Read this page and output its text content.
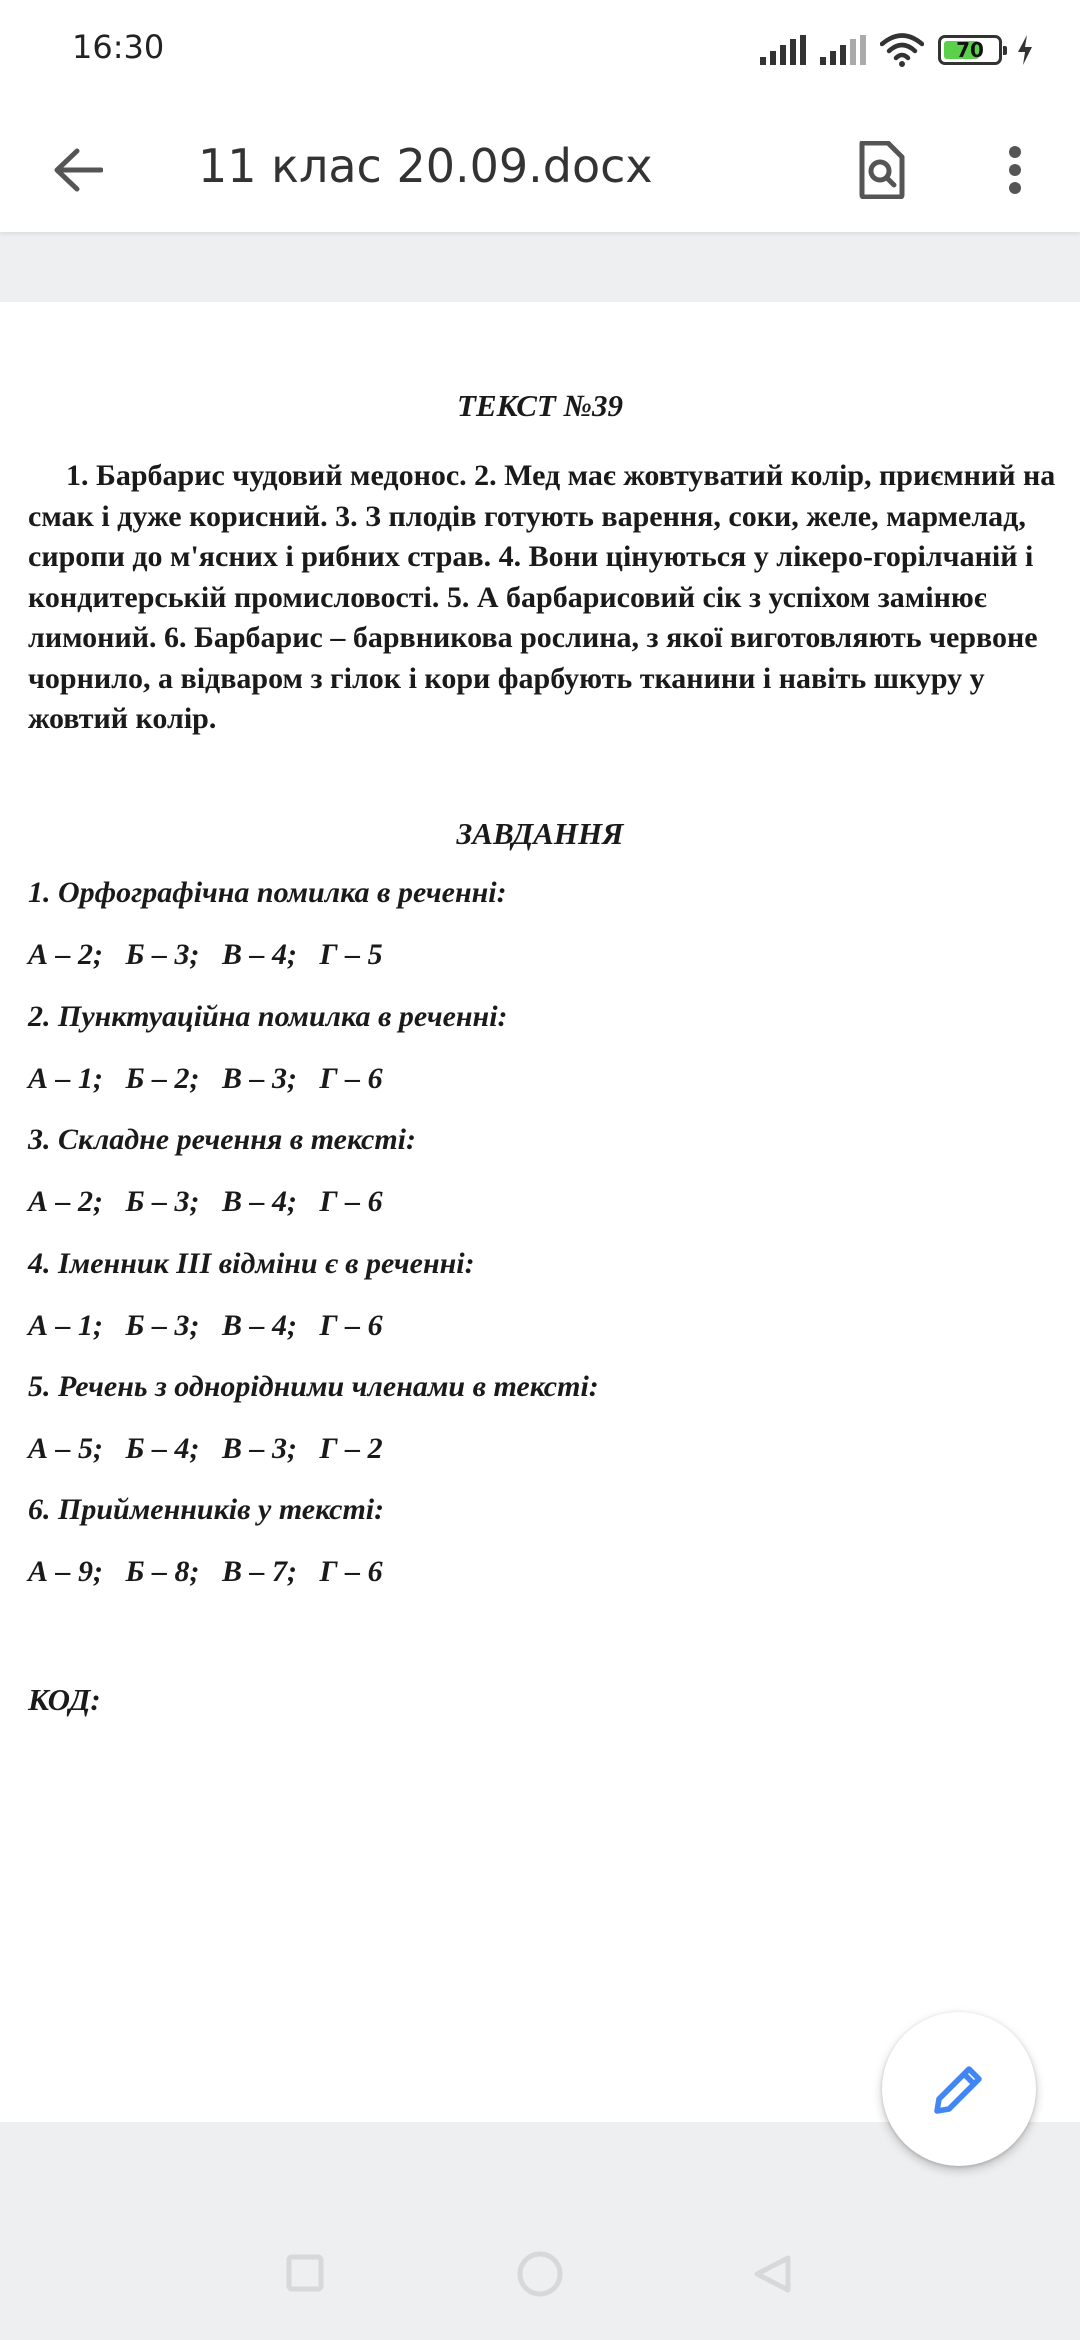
16:30	70
11 клас 20.09.docx
ТЕКСТ №39
1. Барбарис чудовий медонос. 2. Мед має жовтуватий колір, приємний на смак і дуже корисний. 3. З плодів готують варення, соки, желе, мармелад, сиропи до м'ясних і рибних страв. 4. Вони цінуються у лікеро-горілчаній і кондитерській промисловості. 5. А барбарисовий сік з успіхом замінює лимоний. 6. Барбарис – барвникова рослина, з якої виготовляють червоне чорнило, а відваром з гілок і кори фарбують тканини і навіть шкуру у жовтий колір.
ЗАВДАННЯ
1. Орфографічна помилка в реченні:
А – 2;   Б – 3;   В – 4;   Г – 5
2. Пунктуаційна помилка в реченні:
А – 1;   Б – 2;   В – 3;   Г – 6
3. Складне речення в тексті:
А – 2;   Б – 3;   В – 4;   Г – 6
4. Іменник III відміни є в реченні:
А – 1;   Б – 3;   В – 4;   Г – 6
5. Речень з однорідними членами в тексті:
А – 5;   Б – 4;   В – 3;   Г – 2
6. Прийменників у тексті:
А – 9;   Б – 8;   В – 7;   Г – 6
КОД:
